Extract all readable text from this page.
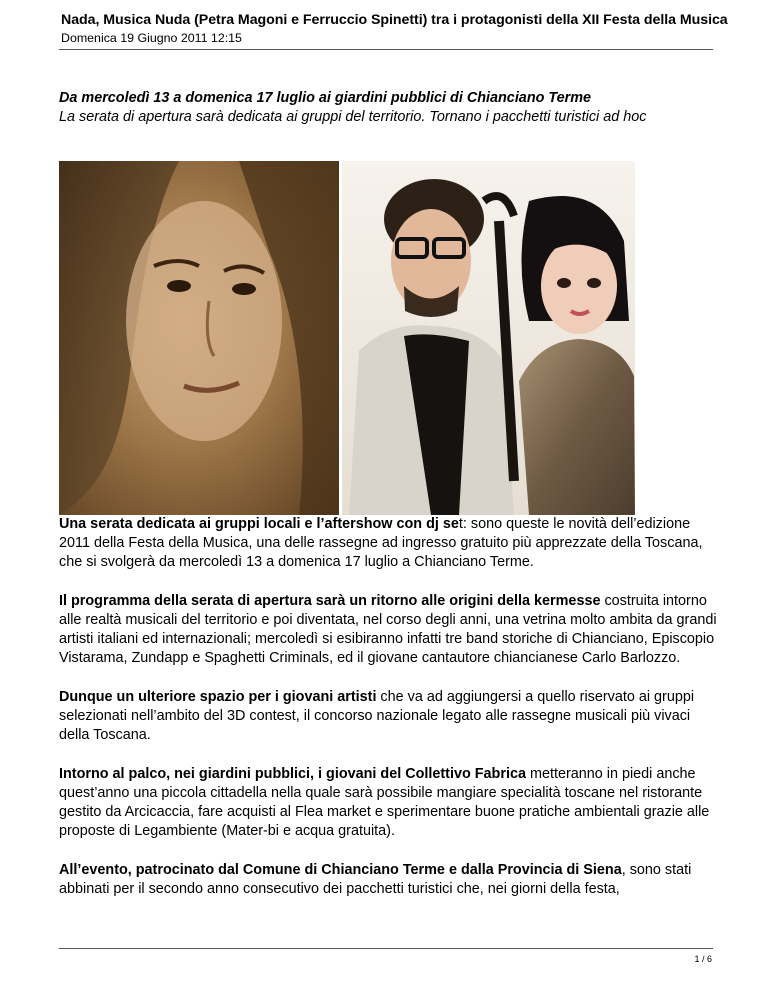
Nada, Musica Nuda (Petra Magoni e Ferruccio Spinetti) tra i protagonisti della XII Festa della Musica
Domenica 19 Giugno 2011 12:15
Da mercoledì 13 a domenica 17 luglio ai giardini pubblici di Chianciano Terme
La serata di apertura sarà dedicata ai gruppi del territorio. Tornano i pacchetti turistici ad hoc

Una serata dedicata ai gruppi locali e l’aftershow con dj set: sono queste le novità dell’edizione 2011 della Festa della Musica, una delle rassegne ad ingresso gratuito più apprezzate della Toscana, che si svolgerà da mercoledì 13 a domenica 17 luglio a Chianciano Terme.

Il programma della serata di apertura sarà un ritorno alle origini della kermesse costruita intorno alle realtà musicali del territorio e poi diventata, nel corso degli anni, una vetrina molto ambita da grandi artisti italiani ed internazionali; mercoledì si esibiranno infatti tre band storiche di Chianciano, Episcopio Vistarama, Zundapp e Spaghetti Criminals, ed il giovane cantautore chiancianese Carlo Barlozzo.

Dunque un ulteriore spazio per i giovani artisti che va ad aggiungersi a quello riservato ai gruppi selezionati nell’ambito del 3D contest, il concorso nazionale legato alle rassegne musicali più vivaci della Toscana.

Intorno al palco, nei giardini pubblici, i giovani del Collettivo Fabrica metteranno in piedi anche quest’anno una piccola cittadella nella quale sarà possibile mangiare specialità toscane nel ristorante gestito da Arcicaccia, fare acquisti al Flea market e sperimentare buone pratiche ambientali grazie alle proposte di Legambiente (Mater-bi e acqua gratuita).

All’evento, patrocinato dal Comune di Chianciano Terme e dalla Provincia di Siena, sono stati abbinati per il secondo anno consecutivo dei pacchetti turistici che, nei giorni della festa,

1 / 6
